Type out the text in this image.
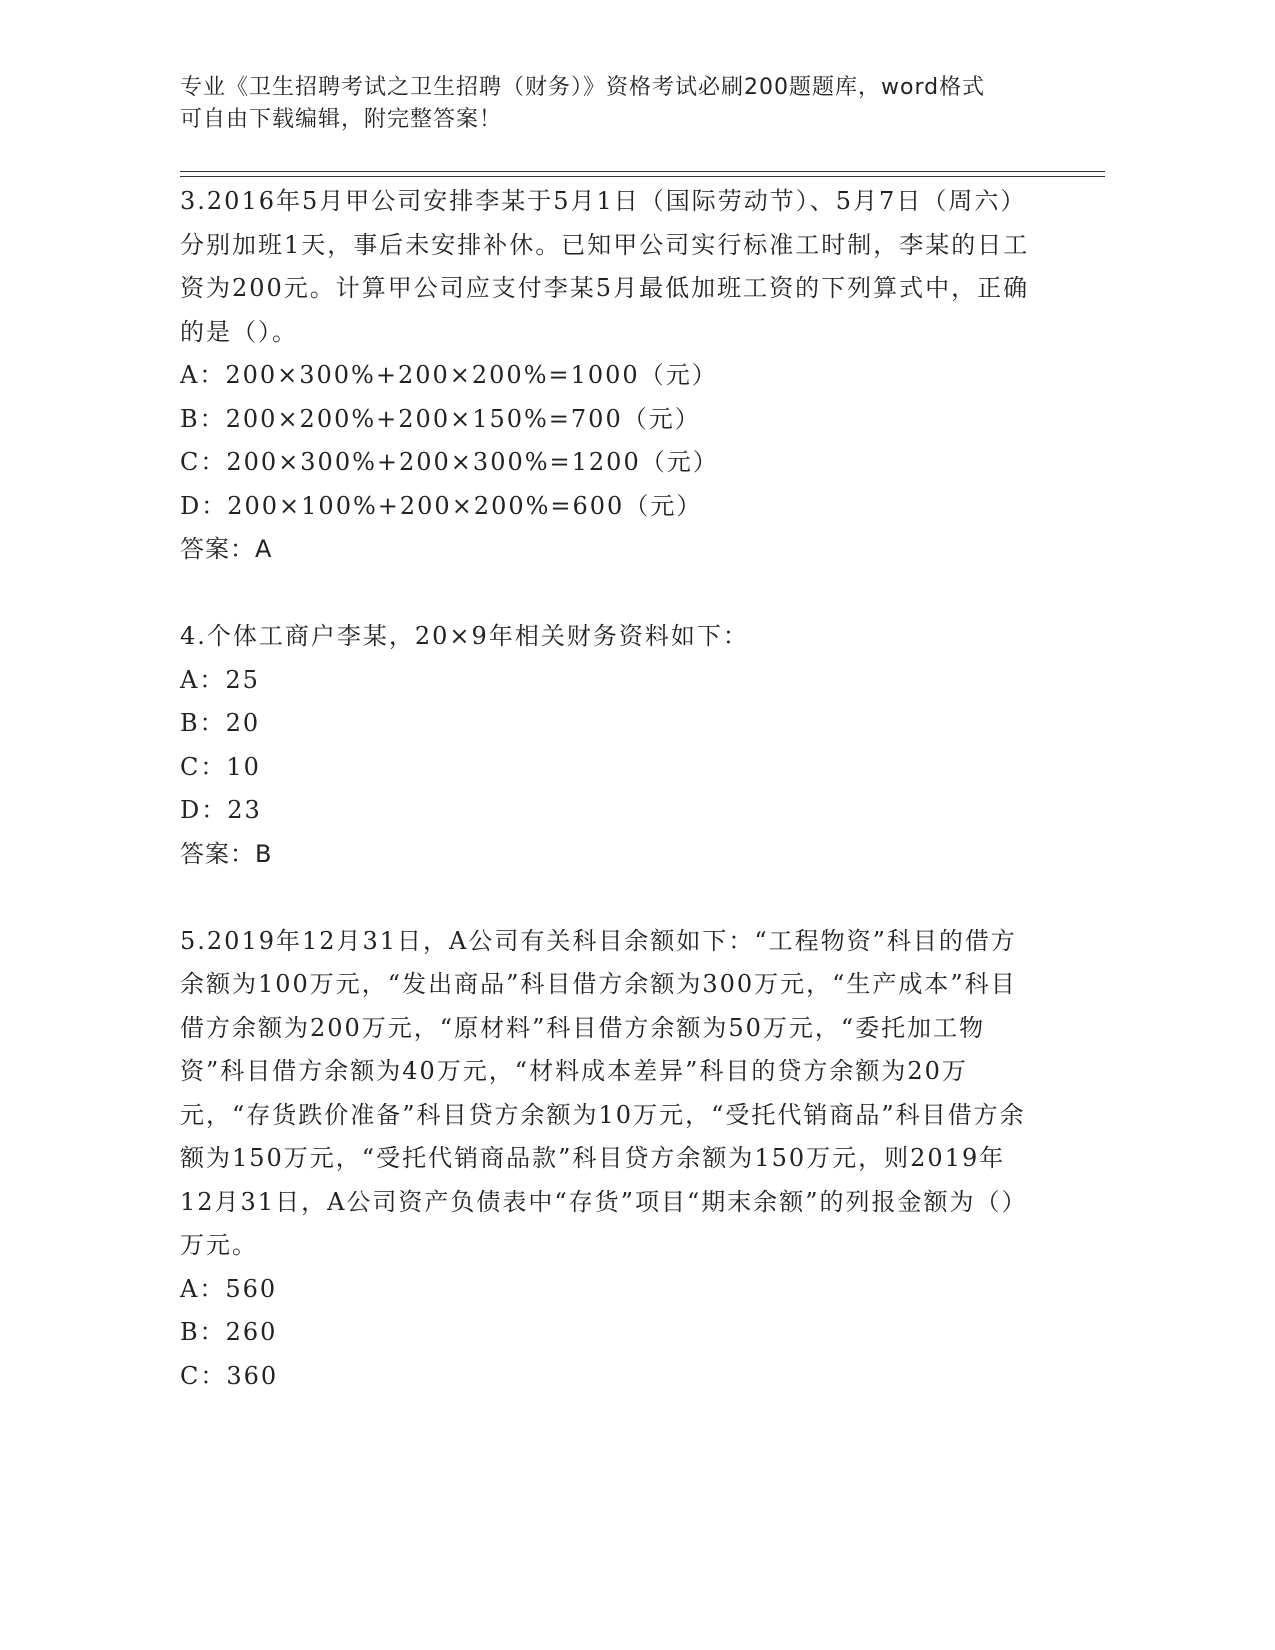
专业《卫生招聘考试之卫生招聘（财务）》资格考试必刷200题题库，word格式
可自由下载编辑，附完整答案！

3.2016年5月甲公司安排李某于5月1日（国际劳动节）、5月7日（周六）分别加班1天，事后未安排补休。已知甲公司实行标准工时制，李某的日工资为200元。计算甲公司应支付李某5月最低加班工资的下列算式中，正确的是（）。

A：200×300%+200×200%=1000（元）

B：200×200%+200×150%=700（元）

C：200×300%+200×300%=1200（元）

D：200×100%+200×200%=600（元）

答案：A

4.个体工商户李某，20×9年相关财务资料如下：

A：25

B：20

C：10

D：23

答案：B

5.2019年12月31日，A公司有关科目余额如下：“工程物资”科目的借方余额为100万元，“发出商品”科目借方余额为300万元，“生产成本”科目借方余额为200万元，“原材料”科目借方余额为50万元，“委托加工物资”科目借方余额为40万元，“材料成本差异”科目的贷方余额为20万元，“存货跌价准备”科目贷方余额为10万元，“受托代销商品”科目借方余额为150万元，“受托代销商品款”科目贷方余额为150万元，则2019年12月31日，A公司资产负债表中“存货”项目“期末余额”的列报金额为（）万元。

A：560

B：260

C：360
